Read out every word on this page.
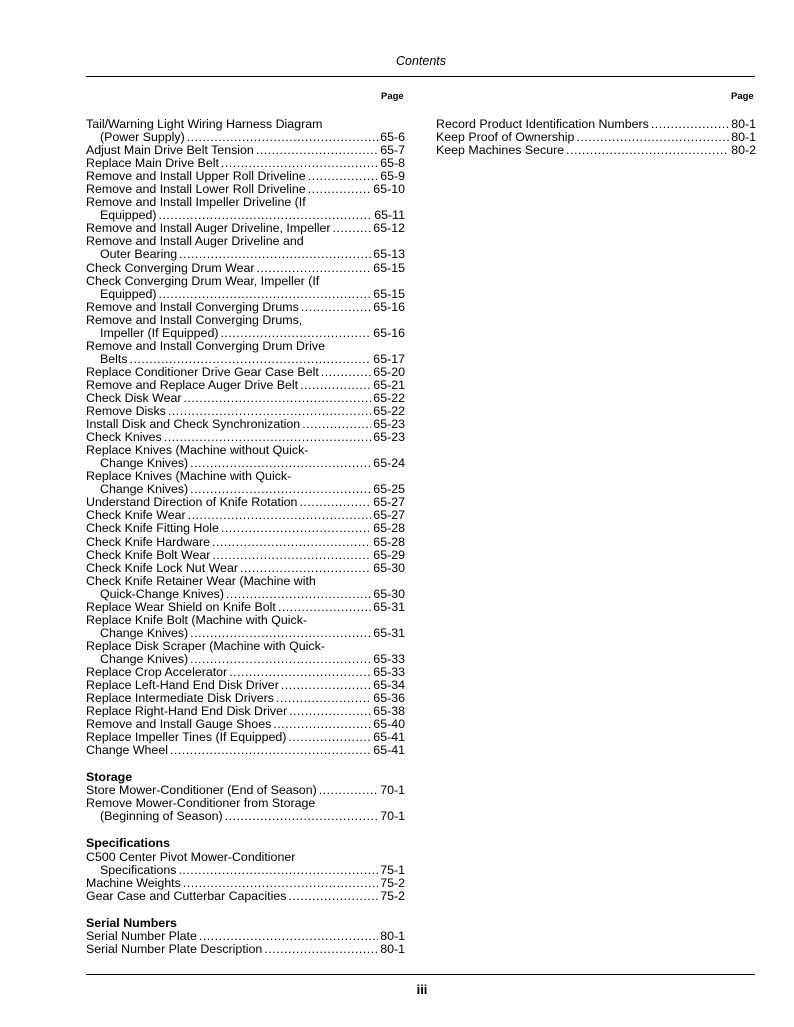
Contents
Page	Page
Tail/Warning Light Wiring Harness Diagram
(Power Supply) .....	65-6
Adjust Main Drive Belt Tension .....	65-7
Replace Main Drive Belt .....	65-8
Remove and Install Upper Roll Driveline .....	65-9
Remove and Install Lower Roll Driveline .....	65-10
Remove and Install Impeller Driveline (If
Equipped) .....	65-11
Remove and Install Auger Driveline, Impeller .....	65-12
Remove and Install Auger Driveline and
Outer Bearing .....	65-13
Check Converging Drum Wear .....	65-15
Check Converging Drum Wear, Impeller (If
Equipped) .....	65-15
Remove and Install Converging Drums .....	65-16
Remove and Install Converging Drums,
Impeller (If Equipped) .....	65-16
Remove and Install Converging Drum Drive
Belts .....	65-17
Replace Conditioner Drive Gear Case Belt .....	65-20
Remove and Replace Auger Drive Belt .....	65-21
Check Disk Wear .....	65-22
Remove Disks .....	65-22
Install Disk and Check Synchronization .....	65-23
Check Knives .....	65-23
Replace Knives (Machine without Quick-
Change Knives) .....	65-24
Replace Knives (Machine with Quick-
Change Knives) .....	65-25
Understand Direction of Knife Rotation .....	65-27
Check Knife Wear .....	65-27
Check Knife Fitting Hole .....	65-28
Check Knife Hardware .....	65-28
Check Knife Bolt Wear .....	65-29
Check Knife Lock Nut Wear .....	65-30
Check Knife Retainer Wear (Machine with
Quick-Change Knives) .....	65-30
Replace Wear Shield on Knife Bolt .....	65-31
Replace Knife Bolt (Machine with Quick-
Change Knives) .....	65-31
Replace Disk Scraper (Machine with Quick-
Change Knives) .....	65-33
Replace Crop Accelerator .....	65-33
Replace Left-Hand End Disk Driver .....	65-34
Replace Intermediate Disk Drivers .....	65-36
Replace Right-Hand End Disk Driver .....	65-38
Remove and Install Gauge Shoes .....	65-40
Replace Impeller Tines (If Equipped) .....	65-41
Change Wheel .....	65-41
Storage
Store Mower-Conditioner (End of Season) .....	70-1
Remove Mower-Conditioner from Storage
(Beginning of Season) .....	70-1
Specifications
C500 Center Pivot Mower-Conditioner
Specifications .....	75-1
Machine Weights .....	75-2
Gear Case and Cutterbar Capacities .....	75-2
Serial Numbers
Serial Number Plate .....	80-1
Serial Number Plate Description .....	80-1
Record Product Identification Numbers .....	80-1
Keep Proof of Ownership .....	80-1
Keep Machines Secure .....	80-2
iii
